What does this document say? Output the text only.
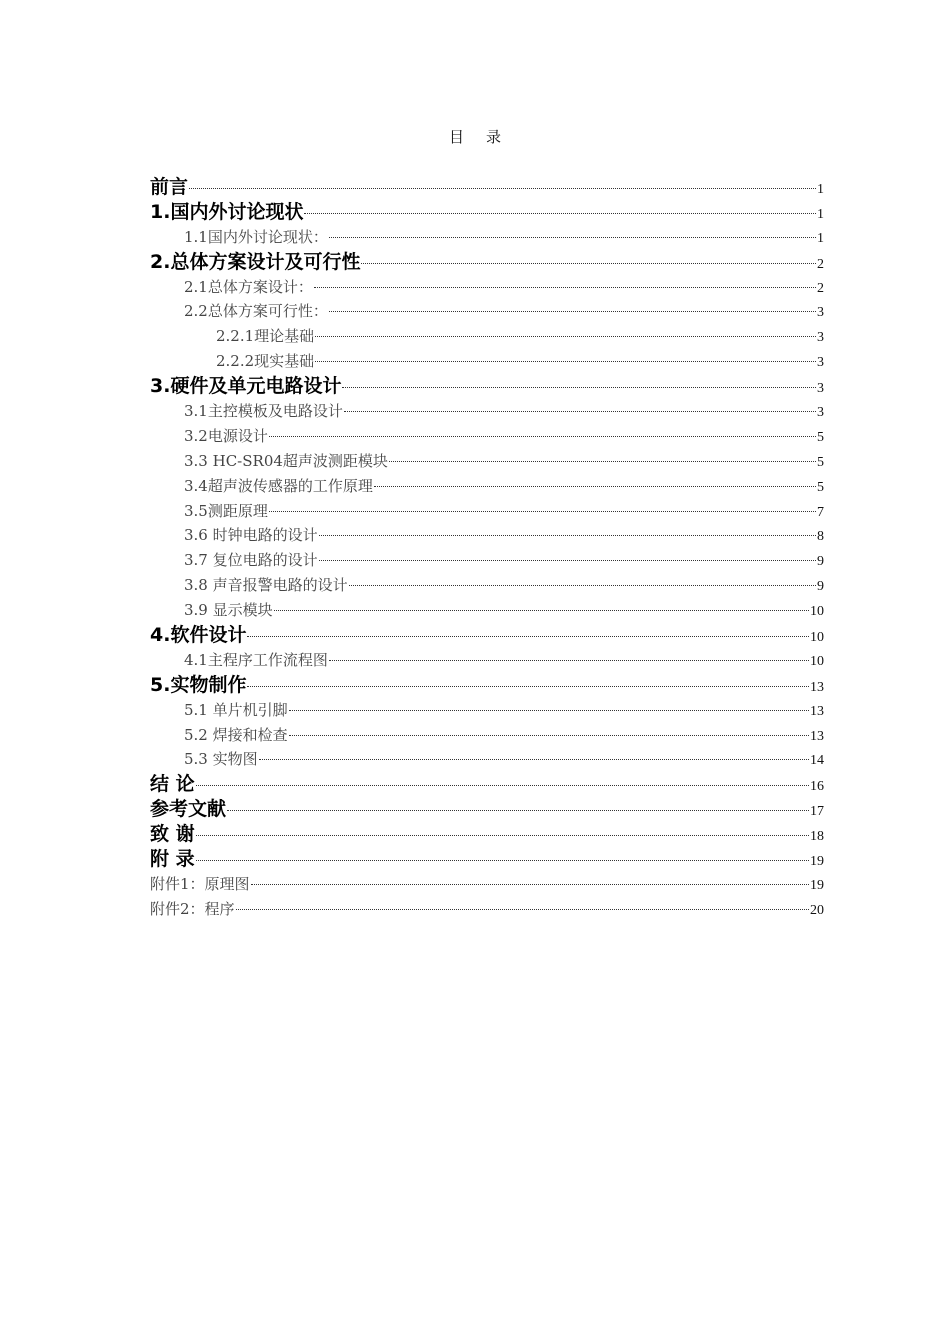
目 录
前言	1
1.国内外讨论现状	1
1.1国内外讨论现状：	1
2.总体方案设计及可行性	2
2.1总体方案设计：	2
2.2总体方案可行性：	3
2.2.1理论基础	3
2.2.2现实基础	3
3.硬件及单元电路设计	3
3.1主控模板及电路设计	3
3.2电源设计	5
3.3 HC-SR04超声波测距模块	5
3.4超声波传感器的工作原理	5
3.5测距原理	7
3.6 时钟电路的设计	8
3.7 复位电路的设计	9
3.8 声音报警电路的设计	9
3.9 显示模块	10
4.软件设计	10
4.1主程序工作流程图	10
5.实物制作	13
5.1 单片机引脚	13
5.2 焊接和检查	13
5.3 实物图	14
结 论	16
参考文献	17
致 谢	18
附 录	19
附件1：原理图	19
附件2：程序	20
